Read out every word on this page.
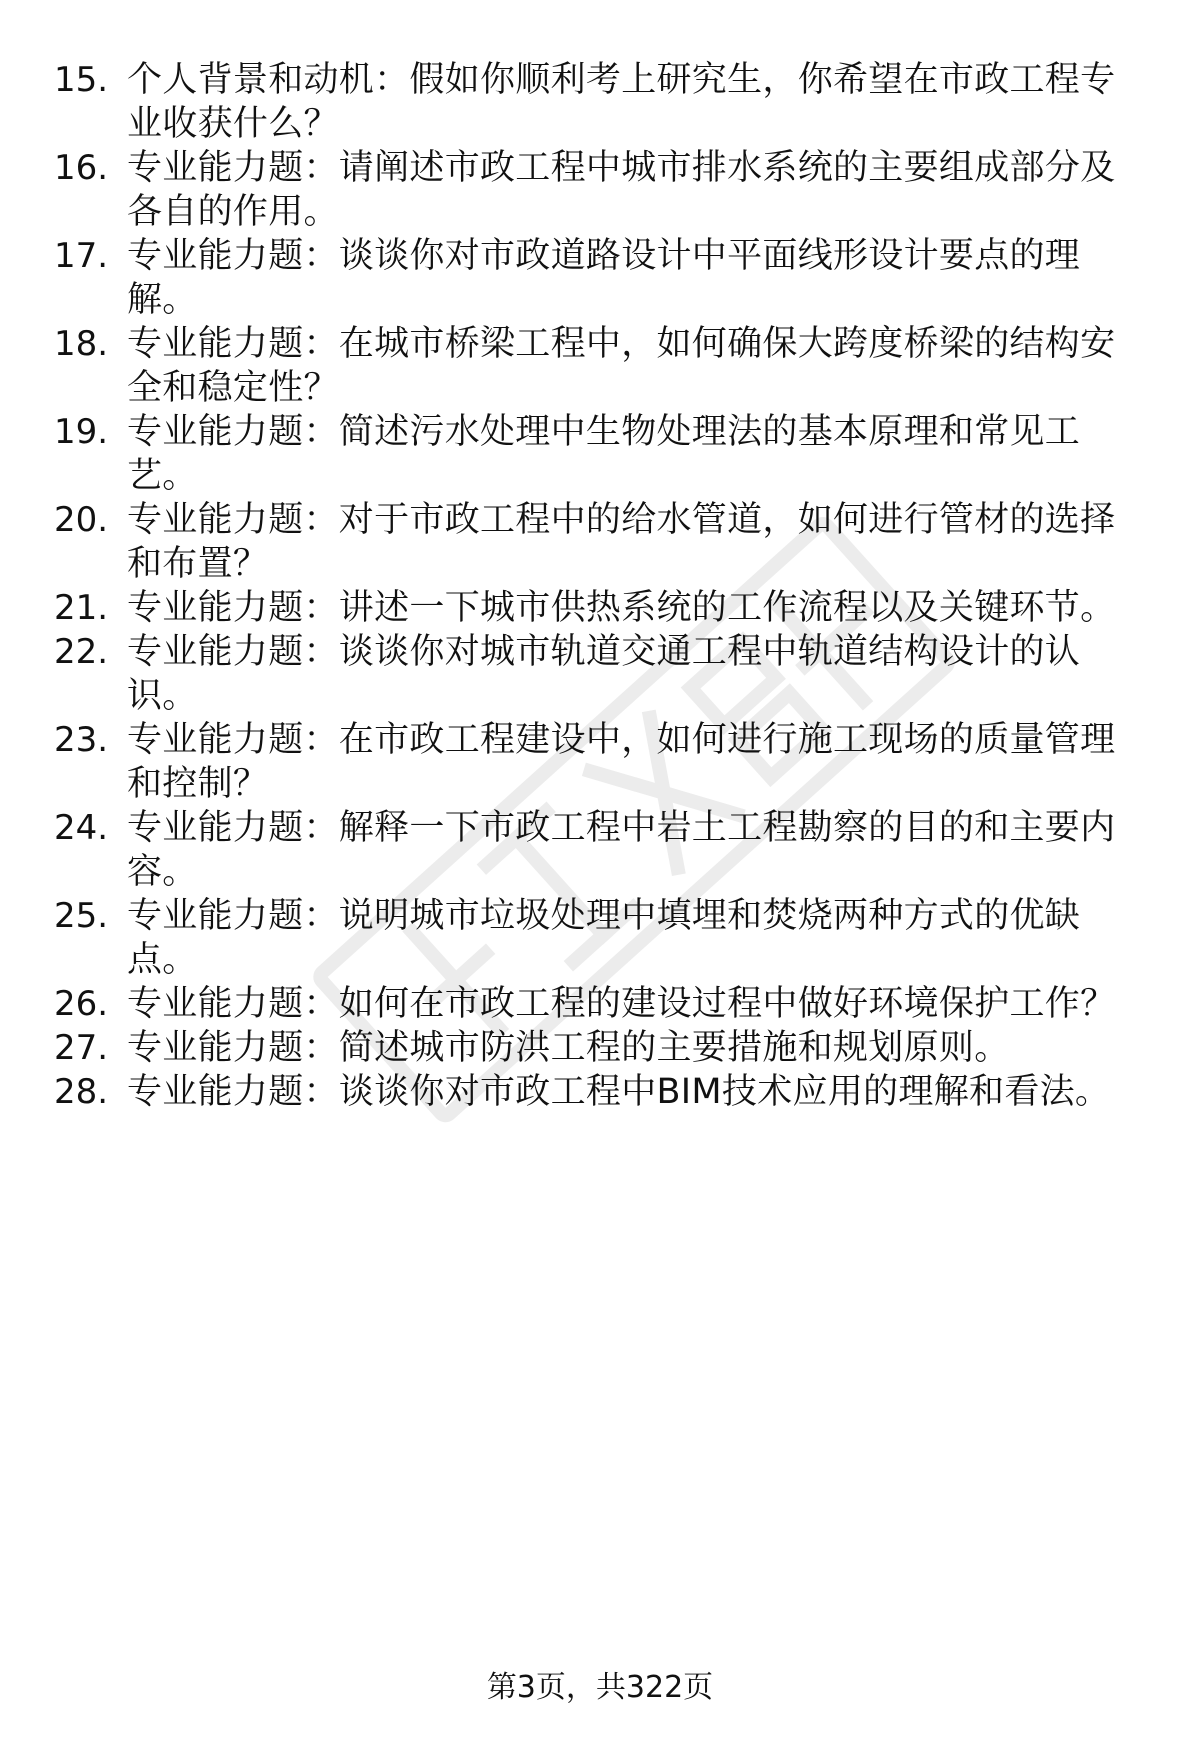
15. 个人背景和动机：假如你顺利考上研究生，你希望在市政工程专业收获什么？
16. 专业能力题：请阐述市政工程中城市排水系统的主要组成部分及各自的作用。
17. 专业能力题：谈谈你对市政道路设计中平面线形设计要点的理解。
18. 专业能力题：在城市桥梁工程中，如何确保大跨度桥梁的结构安全和稳定性？
19. 专业能力题：简述污水处理中生物处理法的基本原理和常见工艺。
20. 专业能力题：对于市政工程中的给水管道，如何进行管材的选择和布置？
21. 专业能力题：讲述一下城市供热系统的工作流程以及关键环节。
22. 专业能力题：谈谈你对城市轨道交通工程中轨道结构设计的认识。
23. 专业能力题：在市政工程建设中，如何进行施工现场的质量管理和控制？
24. 专业能力题：解释一下市政工程中岩土工程勘察的目的和主要内容。
25. 专业能力题：说明城市垃圾处理中填埋和焚烧两种方式的优缺点。
26. 专业能力题：如何在市政工程的建设过程中做好环境保护工作？
27. 专业能力题：简述城市防洪工程的主要措施和规划原则。
28. 专业能力题：谈谈你对市政工程中BIM技术应用的理解和看法。
第3页，共322页
